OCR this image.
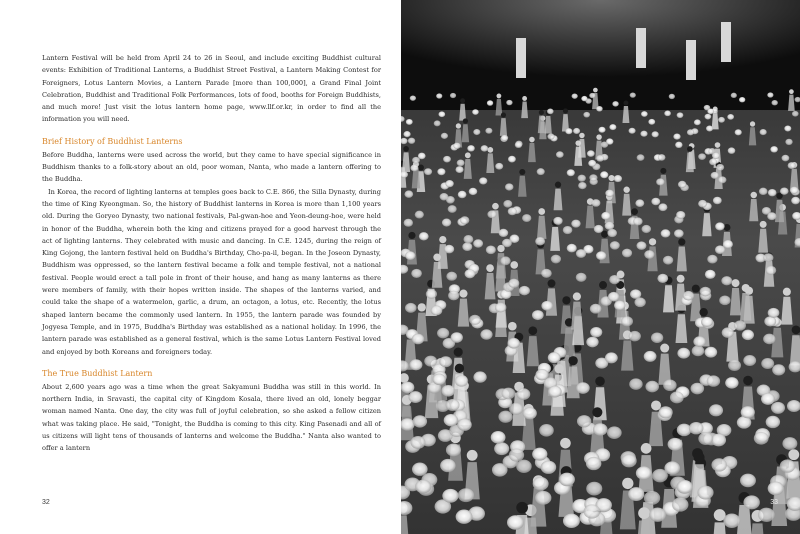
Lantern Festival will be held from April 24 to 26 in Seoul, and include exciting Buddhist cultural events: Exhibition of Traditional Lanterns, a Buddhist Street Festival, a Lantern Making Contest for Foreigners, Lotus Lantern Movies, a Lantern Parade [more than 100,000], a Grand Final Joint Celebration, Buddhist and Traditional Folk Performances, lots of food, booths for Foreign Buddhists, and much more! Just visit the lotus lantern home page, www.llf.or.kr, in order to find all the information you will need.

Brief History of Buddhist Lanterns

Before Buddha, lanterns were used across the world, but they came to have special significance in Buddhism thanks to a folk-story about an old, poor woman, Nanta, who made a lantern offering to the Buddha.

In Korea, the record of lighting lanterns at temples goes back to C.E. 866, the Silla Dynasty, during the time of King Kyeongman. So, the history of Buddhist lanterns in Korea is more than 1,100 years old. During the Goryeo Dynasty, two national festivals, Pal-gwan-hoe and Yeon-deung-hoe, were held in honor of the Buddha, wherein both the king and citizens prayed for a good harvest through the act of lighting lanterns. They celebrated with music and dancing. In C.E. 1245, during the reign of King Gojong, the lantern festival held on Buddha's Birthday, Cho-pa-il, began. In the Joseon Dynasty, Buddhism was oppressed, so the lantern festival became a folk and temple festival, not a national festival. People would erect a tall pole in front of their house, and hang as many lanterns as there were members of family, with their hopes written inside. The shapes of the lanterns varied, and could take the shape of a watermelon, garlic, a drum, an octagon, a lotus, etc. Recently, the lotus shaped lantern became the commonly used lantern. In 1955, the lantern parade was founded by Jogyesa Temple, and in 1975, Buddha's Birthday was established as a national holiday. In 1996, the lantern parade was established as a general festival, which is the same Lotus Lantern Festival loved and enjoyed by both Koreans and foreigners today.

The True Buddhist Lantern

About 2,600 years ago was a time when the great Sakyamuni Buddha was still in this world. In northern India, in Sravasti, the capital city of Kingdom Kosala, there lived an old, lonely beggar woman named Nanta. One day, the city was full of joyful celebration, so she asked a fellow citizen what was taking place. He said, "Tonight, the Buddha is coming to this city. King Pasenadi and all of us citizens will light tens of thousands of lanterns and welcome the Buddha." Nanta also wanted to offer a lantern

32	33
